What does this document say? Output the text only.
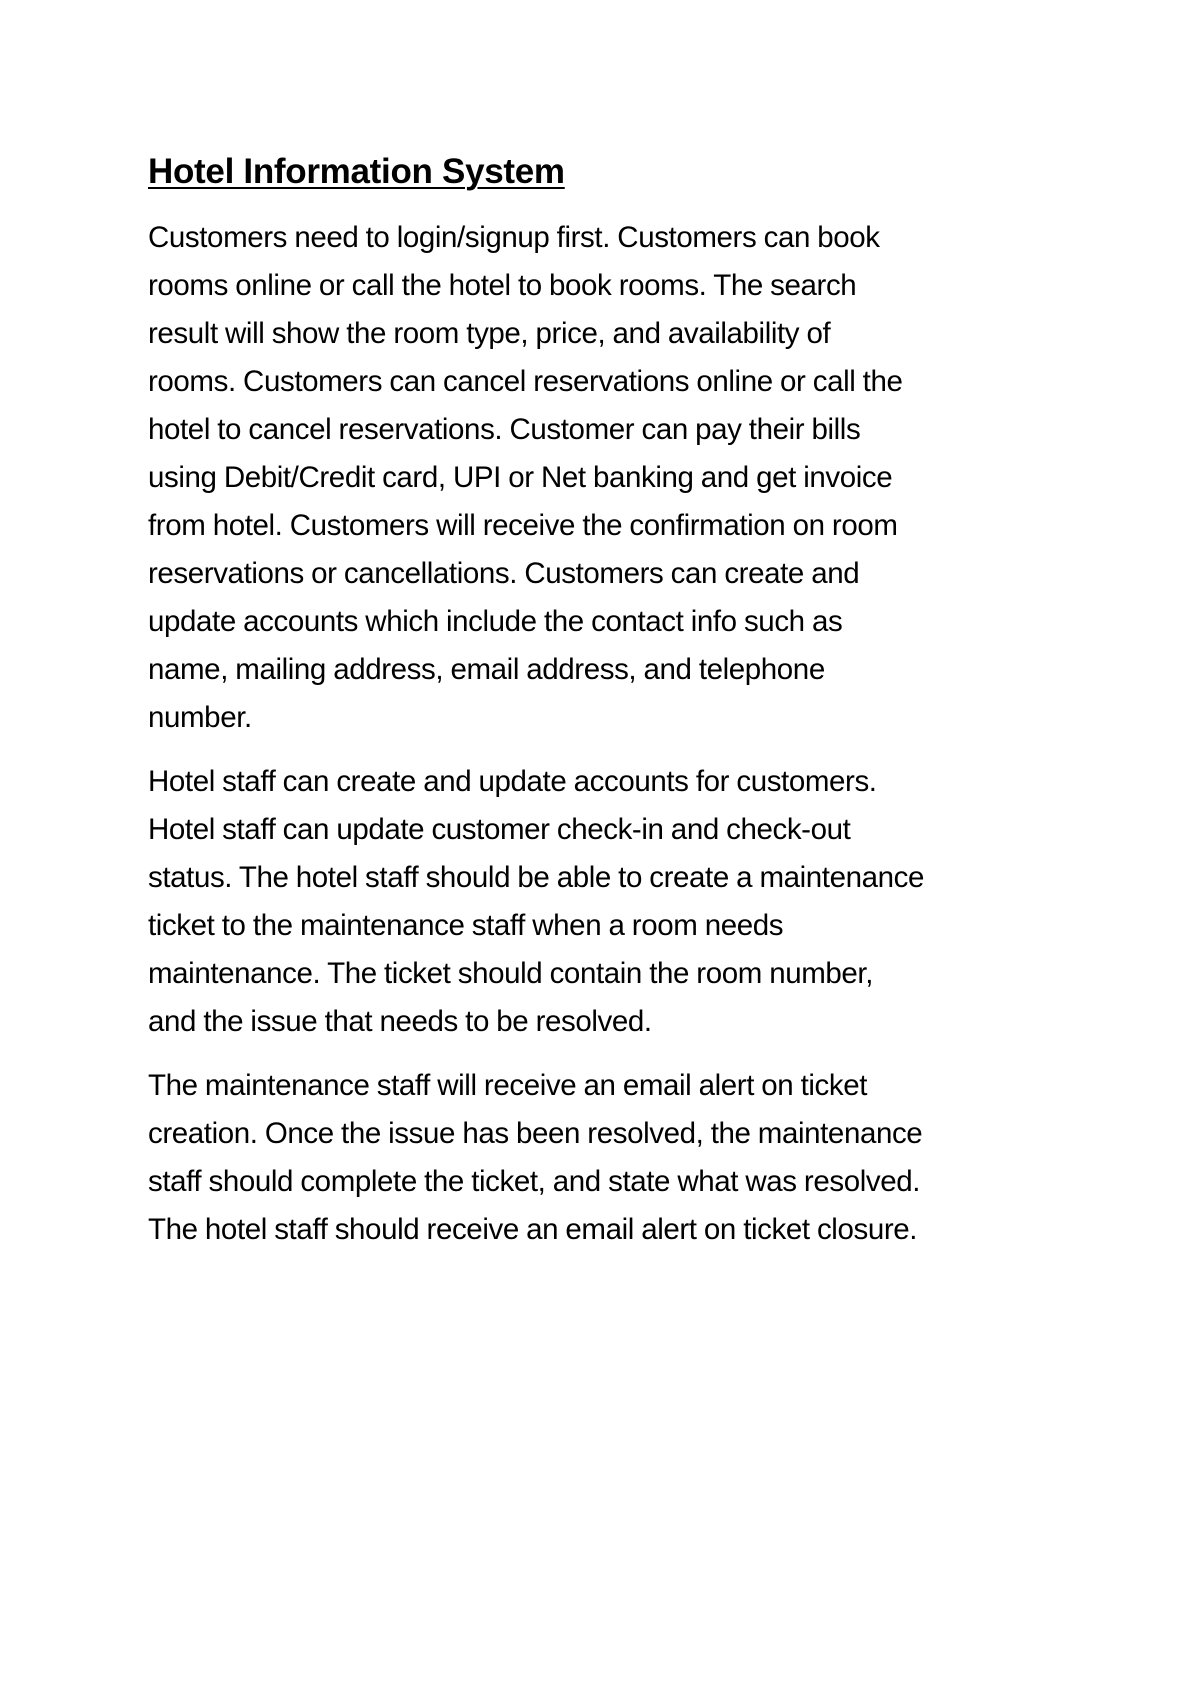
Hotel Information System

Customers need to login/signup first. Customers can book
rooms online or call the hotel to book rooms. The search
result will show the room type, price, and availability of
rooms. Customers can cancel reservations online or call the
hotel to cancel reservations. Customer can pay their bills
using Debit/Credit card, UPI or Net banking and get invoice
from hotel. Customers will receive the confirmation on room
reservations or cancellations. Customers can create and
update accounts which include the contact info such as
name, mailing address, email address, and telephone
number.

Hotel staff can create and update accounts for customers.
Hotel staff can update customer check-in and check-out
status. The hotel staff should be able to create a maintenance
ticket to the maintenance staff when a room needs
maintenance. The ticket should contain the room number,
and the issue that needs to be resolved.

The maintenance staff will receive an email alert on ticket
creation. Once the issue has been resolved, the maintenance
staff should complete the ticket, and state what was resolved.
The hotel staff should receive an email alert on ticket closure.
